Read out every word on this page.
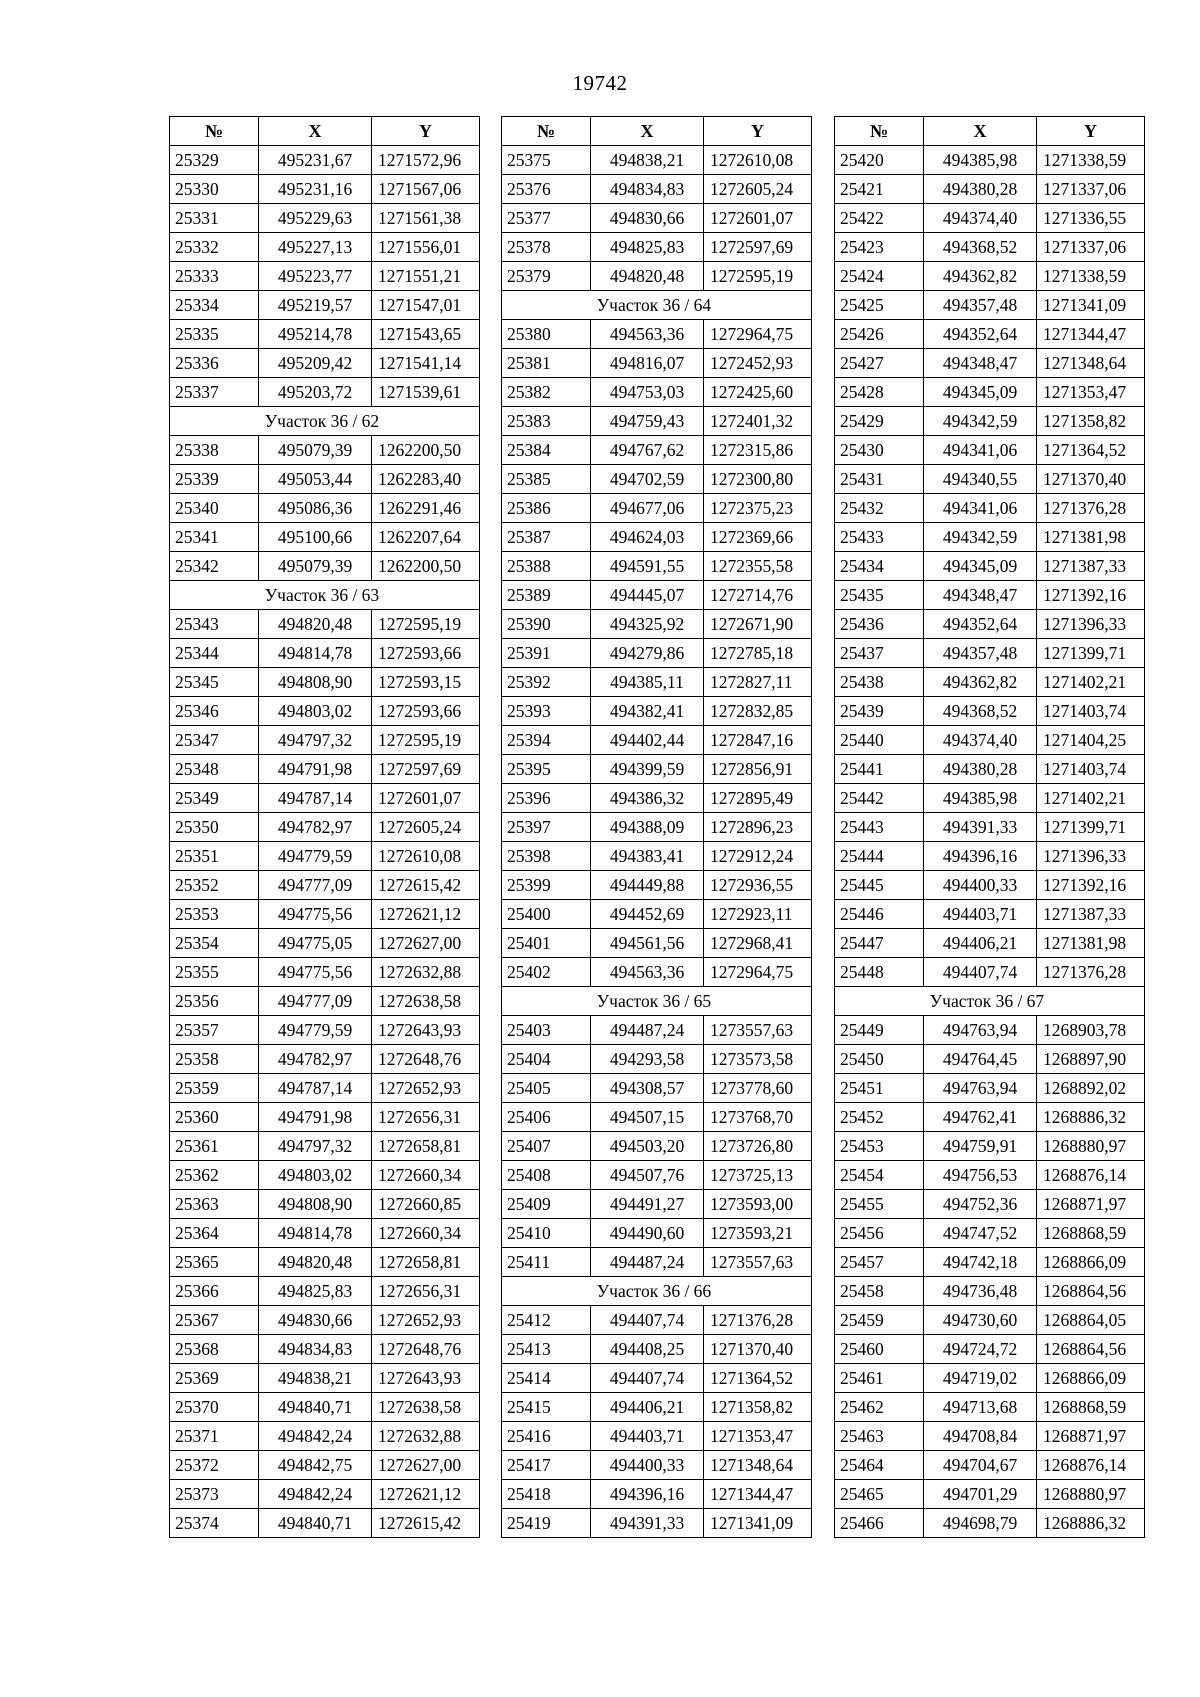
19742
№	X	Y
25329	495231,67	1271572,96
25330	495231,16	1271567,06
25331	495229,63	1271561,38
25332	495227,13	1271556,01
25333	495223,77	1271551,21
25334	495219,57	1271547,01
25335	495214,78	1271543,65
25336	495209,42	1271541,14
25337	495203,72	1271539,61
Участок 36 / 62		
25338	495079,39	1262200,50
25339	495053,44	1262283,40
25340	495086,36	1262291,46
25341	495100,66	1262207,64
25342	495079,39	1262200,50
Участок 36 / 63		
25343	494820,48	1272595,19
25344	494814,78	1272593,66
25345	494808,90	1272593,15
25346	494803,02	1272593,66
25347	494797,32	1272595,19
25348	494791,98	1272597,69
25349	494787,14	1272601,07
25350	494782,97	1272605,24
25351	494779,59	1272610,08
25352	494777,09	1272615,42
25353	494775,56	1272621,12
25354	494775,05	1272627,00
25355	494775,56	1272632,88
25356	494777,09	1272638,58
25357	494779,59	1272643,93
25358	494782,97	1272648,76
25359	494787,14	1272652,93
25360	494791,98	1272656,31
25361	494797,32	1272658,81
25362	494803,02	1272660,34
25363	494808,90	1272660,85
25364	494814,78	1272660,34
25365	494820,48	1272658,81
25366	494825,83	1272656,31
25367	494830,66	1272652,93
25368	494834,83	1272648,76
25369	494838,21	1272643,93
25370	494840,71	1272638,58
25371	494842,24	1272632,88
25372	494842,75	1272627,00
25373	494842,24	1272621,12
25374	494840,71	1272615,42
№	X	Y
25375	494838,21	1272610,08
25376	494834,83	1272605,24
25377	494830,66	1272601,07
25378	494825,83	1272597,69
25379	494820,48	1272595,19
Участок 36 / 64		
25380	494563,36	1272964,75
25381	494816,07	1272452,93
25382	494753,03	1272425,60
25383	494759,43	1272401,32
25384	494767,62	1272315,86
25385	494702,59	1272300,80
25386	494677,06	1272375,23
25387	494624,03	1272369,66
25388	494591,55	1272355,58
25389	494445,07	1272714,76
25390	494325,92	1272671,90
25391	494279,86	1272785,18
25392	494385,11	1272827,11
25393	494382,41	1272832,85
25394	494402,44	1272847,16
25395	494399,59	1272856,91
25396	494386,32	1272895,49
25397	494388,09	1272896,23
25398	494383,41	1272912,24
25399	494449,88	1272936,55
25400	494452,69	1272923,11
25401	494561,56	1272968,41
25402	494563,36	1272964,75
Участок 36 / 65		
25403	494487,24	1273557,63
25404	494293,58	1273573,58
25405	494308,57	1273778,60
25406	494507,15	1273768,70
25407	494503,20	1273726,80
25408	494507,76	1273725,13
25409	494491,27	1273593,00
25410	494490,60	1273593,21
25411	494487,24	1273557,63
Участок 36 / 66		
25412	494407,74	1271376,28
25413	494408,25	1271370,40
25414	494407,74	1271364,52
25415	494406,21	1271358,82
25416	494403,71	1271353,47
25417	494400,33	1271348,64
25418	494396,16	1271344,47
25419	494391,33	1271341,09
№	X	Y
25420	494385,98	1271338,59
25421	494380,28	1271337,06
25422	494374,40	1271336,55
25423	494368,52	1271337,06
25424	494362,82	1271338,59
25425	494357,48	1271341,09
25426	494352,64	1271344,47
25427	494348,47	1271348,64
25428	494345,09	1271353,47
25429	494342,59	1271358,82
25430	494341,06	1271364,52
25431	494340,55	1271370,40
25432	494341,06	1271376,28
25433	494342,59	1271381,98
25434	494345,09	1271387,33
25435	494348,47	1271392,16
25436	494352,64	1271396,33
25437	494357,48	1271399,71
25438	494362,82	1271402,21
25439	494368,52	1271403,74
25440	494374,40	1271404,25
25441	494380,28	1271403,74
25442	494385,98	1271402,21
25443	494391,33	1271399,71
25444	494396,16	1271396,33
25445	494400,33	1271392,16
25446	494403,71	1271387,33
25447	494406,21	1271381,98
25448	494407,74	1271376,28
Участок 36 / 67		
25449	494763,94	1268903,78
25450	494764,45	1268897,90
25451	494763,94	1268892,02
25452	494762,41	1268886,32
25453	494759,91	1268880,97
25454	494756,53	1268876,14
25455	494752,36	1268871,97
25456	494747,52	1268868,59
25457	494742,18	1268866,09
25458	494736,48	1268864,56
25459	494730,60	1268864,05
25460	494724,72	1268864,56
25461	494719,02	1268866,09
25462	494713,68	1268868,59
25463	494708,84	1268871,97
25464	494704,67	1268876,14
25465	494701,29	1268880,97
25466	494698,79	1268886,32
